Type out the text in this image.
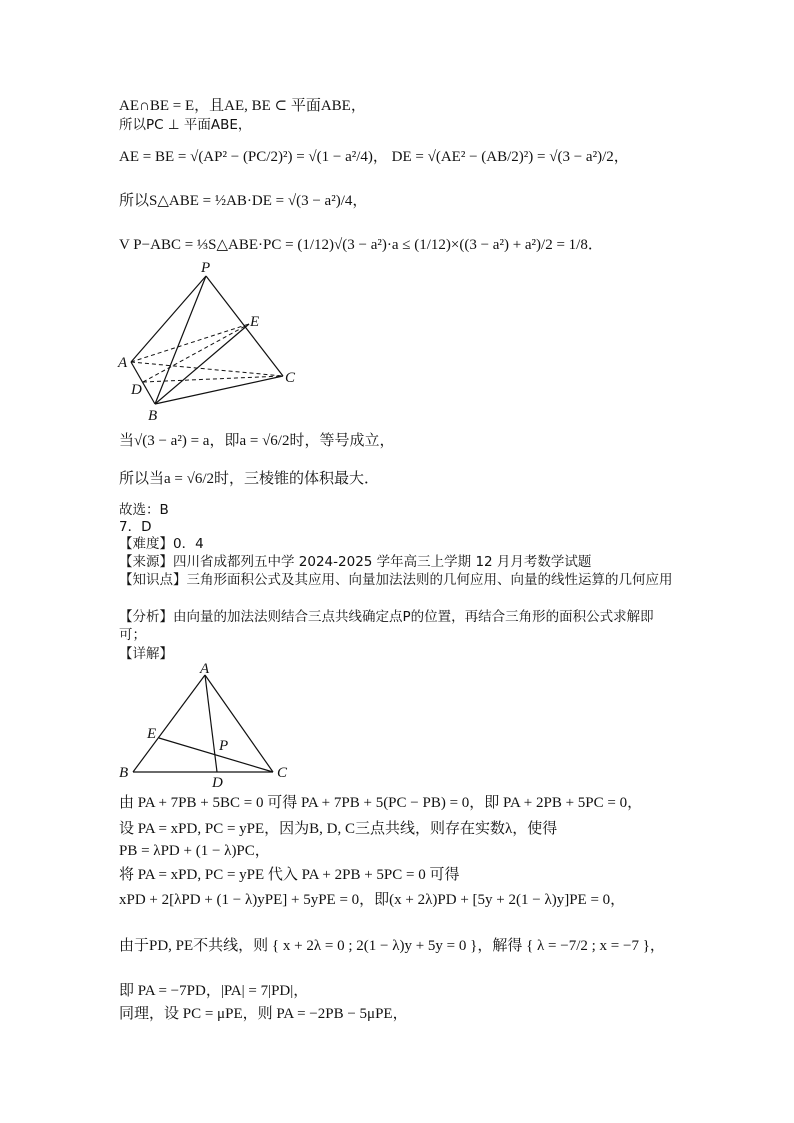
AE∩BE = E，且AE, BE ⊂ 平面ABE，
所以PC ⊥ 平面ABE，
AE = BE = √(AP² − (PC/2)²) = √(1 − a²/4)， DE = √(AE² − (AB/2)²) = √(3 − a²)/2，
所以S△ABE = ½AB·DE = √(3 − a²)/4，
V P−ABC = ⅓S△ABE·PC = (1/12)√(3 − a²)·a ≤ (1/12)×((3 − a²) + a²)/2 = 1/8．
P
E
A
C
D
B
当√(3 − a²) = a，即a = √6/2时，等号成立，
所以当a = √6/2时，三棱锥的体积最大．
故选：B
7．D
【难度】0．4
【来源】四川省成都列五中学 2024-2025 学年高三上学期 12 月月考数学试题
【知识点】三角形面积公式及其应用、向量加法法则的几何应用、向量的线性运算的几何应用
【分析】由向量的加法法则结合三点共线确定点P的位置，再结合三角形的面积公式求解即可；
【详解】
A
E
P
B
D
C
由 PA + 7PB + 5BC = 0 可得 PA + 7PB + 5(PC − PB) = 0，即 PA + 2PB + 5PC = 0，
设 PA = xPD, PC = yPE，因为B, D, C三点共线，则存在实数λ，使得
PB = λPD + (1 − λ)PC，
将 PA = xPD, PC = yPE 代入 PA + 2PB + 5PC = 0 可得
xPD + 2[λPD + (1 − λ)yPE] + 5yPE = 0，即(x + 2λ)PD + [5y + 2(1 − λ)y]PE = 0，
由于PD, PE不共线，则 { x + 2λ = 0 ; 2(1 − λ)y + 5y = 0 }，解得 { λ = −7/2 ; x = −7 }，
即 PA = −7PD，|PA| = 7|PD|，
同理，设 PC = μPE，则 PA = −2PB − 5μPE，
